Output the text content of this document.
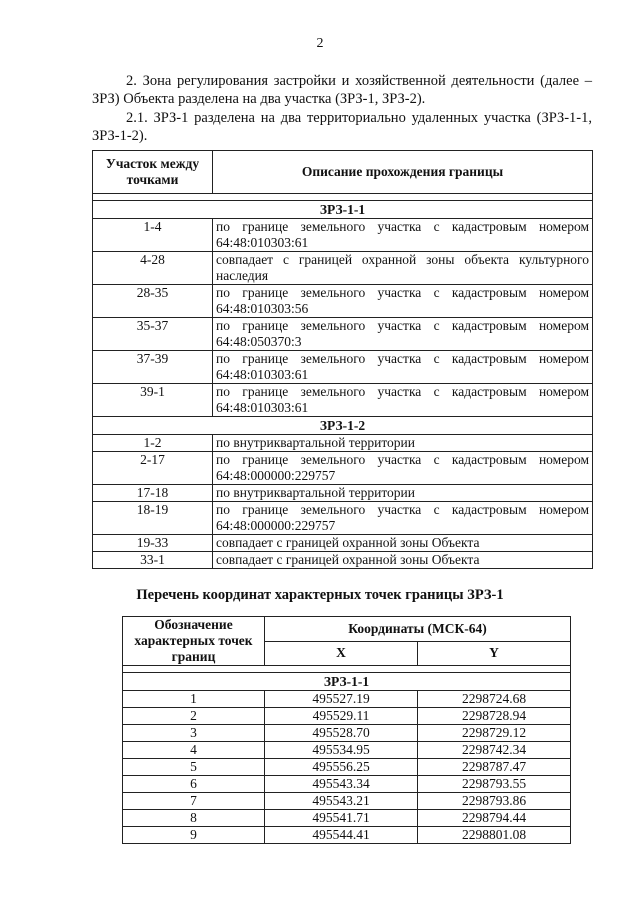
2
2. Зона регулирования застройки и хозяйственной деятельности (далее – ЗРЗ) Объекта разделена на два участка (ЗРЗ-1, ЗРЗ-2).
2.1. ЗРЗ-1 разделена на два территориально удаленных участка (ЗРЗ-1-1, ЗРЗ-1-2).
Участок между точками	Описание прохождения границы

ЗРЗ-1-1	
1-4	по границе земельного участка с кадастровым номером 64:48:010303:61
4-28	совпадает с границей охранной зоны объекта культурного наследия
28-35	по границе земельного участка с кадастровым номером 64:48:010303:56
35-37	по границе земельного участка с кадастровым номером 64:48:050370:3
37-39	по границе земельного участка с кадастровым номером 64:48:010303:61
39-1	по границе земельного участка с кадастровым номером 64:48:010303:61
ЗРЗ-1-2	
1-2	по внутриквартальной территории
2-17	по границе земельного участка с кадастровым номером 64:48:000000:229757
17-18	по внутриквартальной территории
18-19	по границе земельного участка с кадастровым номером 64:48:000000:229757
19-33	совпадает с границей охранной зоны Объекта
33-1	совпадает с границей охранной зоны Объекта
Перечень координат характерных точек границы ЗРЗ-1
Обозначение характерных точек границ	Координаты (МСК-64)	
	X	Y

ЗРЗ-1-1		
1	495527.19	2298724.68
2	495529.11	2298728.94
3	495528.70	2298729.12
4	495534.95	2298742.34
5	495556.25	2298787.47
6	495543.34	2298793.55
7	495543.21	2298793.86
8	495541.71	2298794.44
9	495544.41	2298801.08
